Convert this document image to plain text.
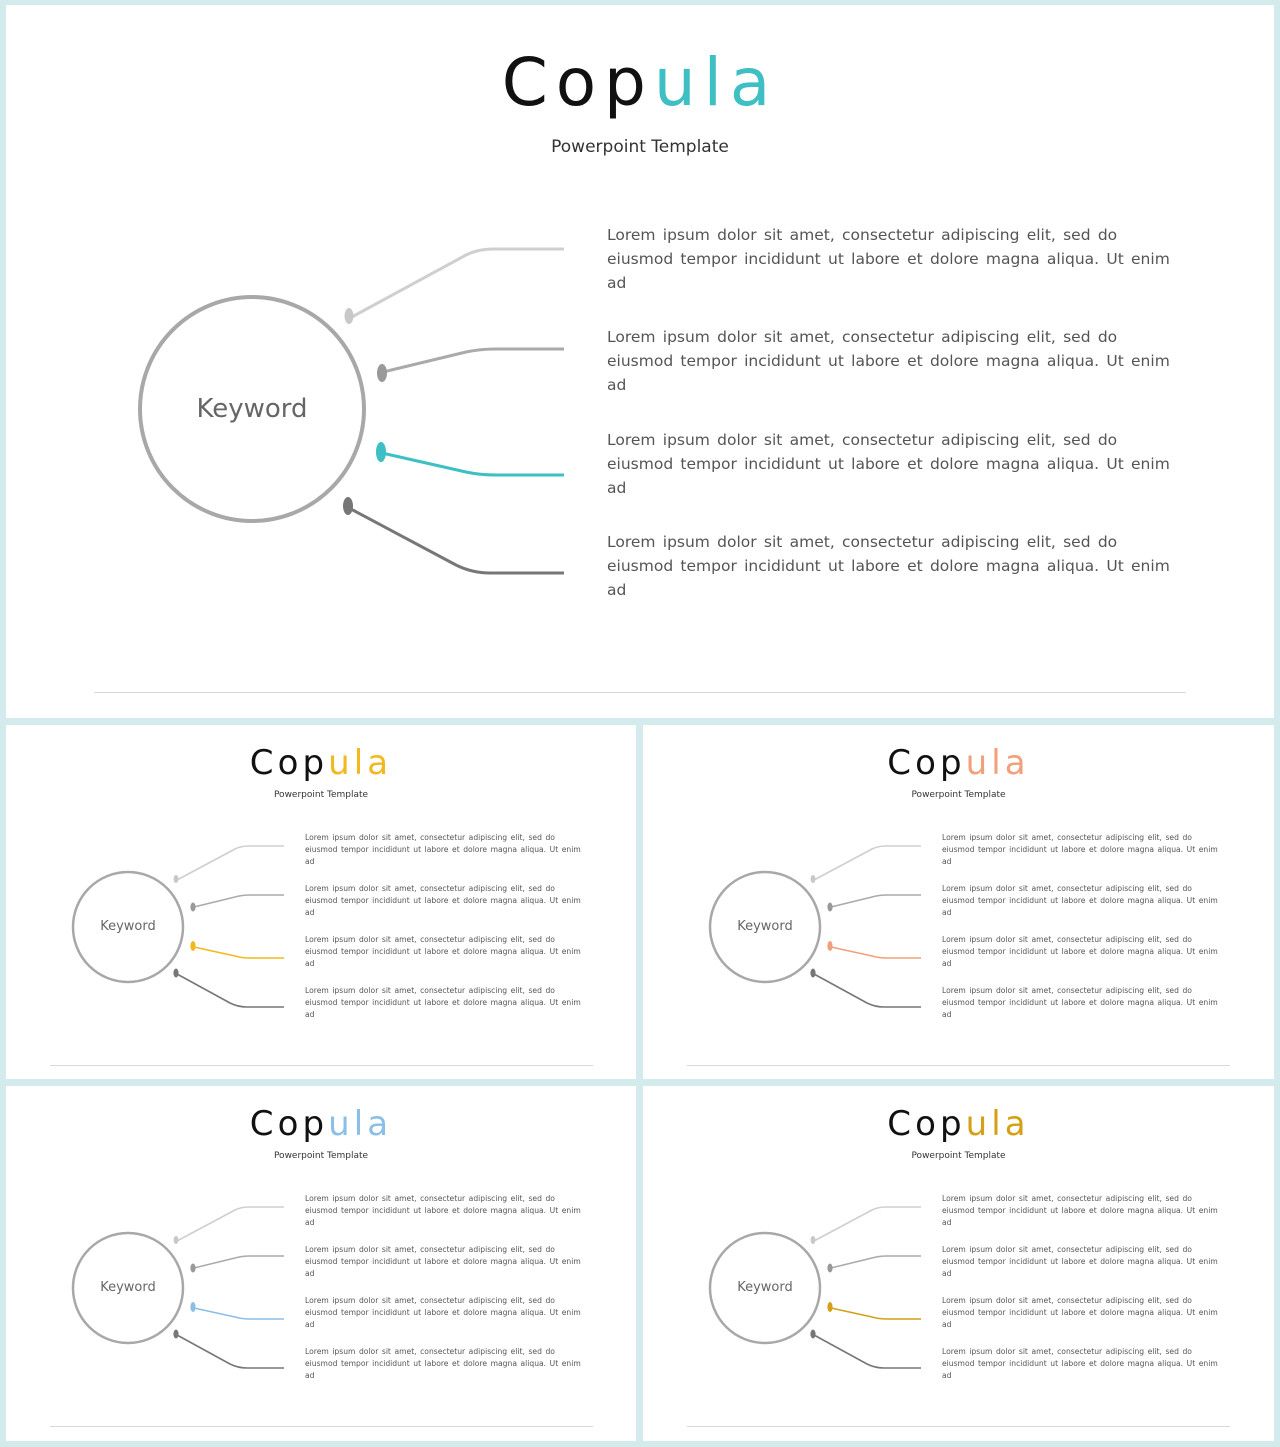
Copula
Powerpoint Template
Keyword
Lorem ipsum dolor sit amet, consectetur adipiscing elit, sed do
eiusmod tempor incididunt ut labore et dolore magna aliqua. Ut enim
ad
Lorem ipsum dolor sit amet, consectetur adipiscing elit, sed do
eiusmod tempor incididunt ut labore et dolore magna aliqua. Ut enim
ad
Lorem ipsum dolor sit amet, consectetur adipiscing elit, sed do
eiusmod tempor incididunt ut labore et dolore magna aliqua. Ut enim
ad
Lorem ipsum dolor sit amet, consectetur adipiscing elit, sed do
eiusmod tempor incididunt ut labore et dolore magna aliqua. Ut enim
ad
Copula
Powerpoint Template
Keyword
Lorem ipsum dolor sit amet, consectetur adipiscing elit, sed do
eiusmod tempor incididunt ut labore et dolore magna aliqua. Ut enim
ad
Lorem ipsum dolor sit amet, consectetur adipiscing elit, sed do
eiusmod tempor incididunt ut labore et dolore magna aliqua. Ut enim
ad
Lorem ipsum dolor sit amet, consectetur adipiscing elit, sed do
eiusmod tempor incididunt ut labore et dolore magna aliqua. Ut enim
ad
Lorem ipsum dolor sit amet, consectetur adipiscing elit, sed do
eiusmod tempor incididunt ut labore et dolore magna aliqua. Ut enim
ad
Copula
Powerpoint Template
Keyword
Lorem ipsum dolor sit amet, consectetur adipiscing elit, sed do
eiusmod tempor incididunt ut labore et dolore magna aliqua. Ut enim
ad
Lorem ipsum dolor sit amet, consectetur adipiscing elit, sed do
eiusmod tempor incididunt ut labore et dolore magna aliqua. Ut enim
ad
Lorem ipsum dolor sit amet, consectetur adipiscing elit, sed do
eiusmod tempor incididunt ut labore et dolore magna aliqua. Ut enim
ad
Lorem ipsum dolor sit amet, consectetur adipiscing elit, sed do
eiusmod tempor incididunt ut labore et dolore magna aliqua. Ut enim
ad
Copula
Powerpoint Template
Keyword
Lorem ipsum dolor sit amet, consectetur adipiscing elit, sed do
eiusmod tempor incididunt ut labore et dolore magna aliqua. Ut enim
ad
Lorem ipsum dolor sit amet, consectetur adipiscing elit, sed do
eiusmod tempor incididunt ut labore et dolore magna aliqua. Ut enim
ad
Lorem ipsum dolor sit amet, consectetur adipiscing elit, sed do
eiusmod tempor incididunt ut labore et dolore magna aliqua. Ut enim
ad
Lorem ipsum dolor sit amet, consectetur adipiscing elit, sed do
eiusmod tempor incididunt ut labore et dolore magna aliqua. Ut enim
ad
Copula
Powerpoint Template
Keyword
Lorem ipsum dolor sit amet, consectetur adipiscing elit, sed do
eiusmod tempor incididunt ut labore et dolore magna aliqua. Ut enim
ad
Lorem ipsum dolor sit amet, consectetur adipiscing elit, sed do
eiusmod tempor incididunt ut labore et dolore magna aliqua. Ut enim
ad
Lorem ipsum dolor sit amet, consectetur adipiscing elit, sed do
eiusmod tempor incididunt ut labore et dolore magna aliqua. Ut enim
ad
Lorem ipsum dolor sit amet, consectetur adipiscing elit, sed do
eiusmod tempor incididunt ut labore et dolore magna aliqua. Ut enim
ad
